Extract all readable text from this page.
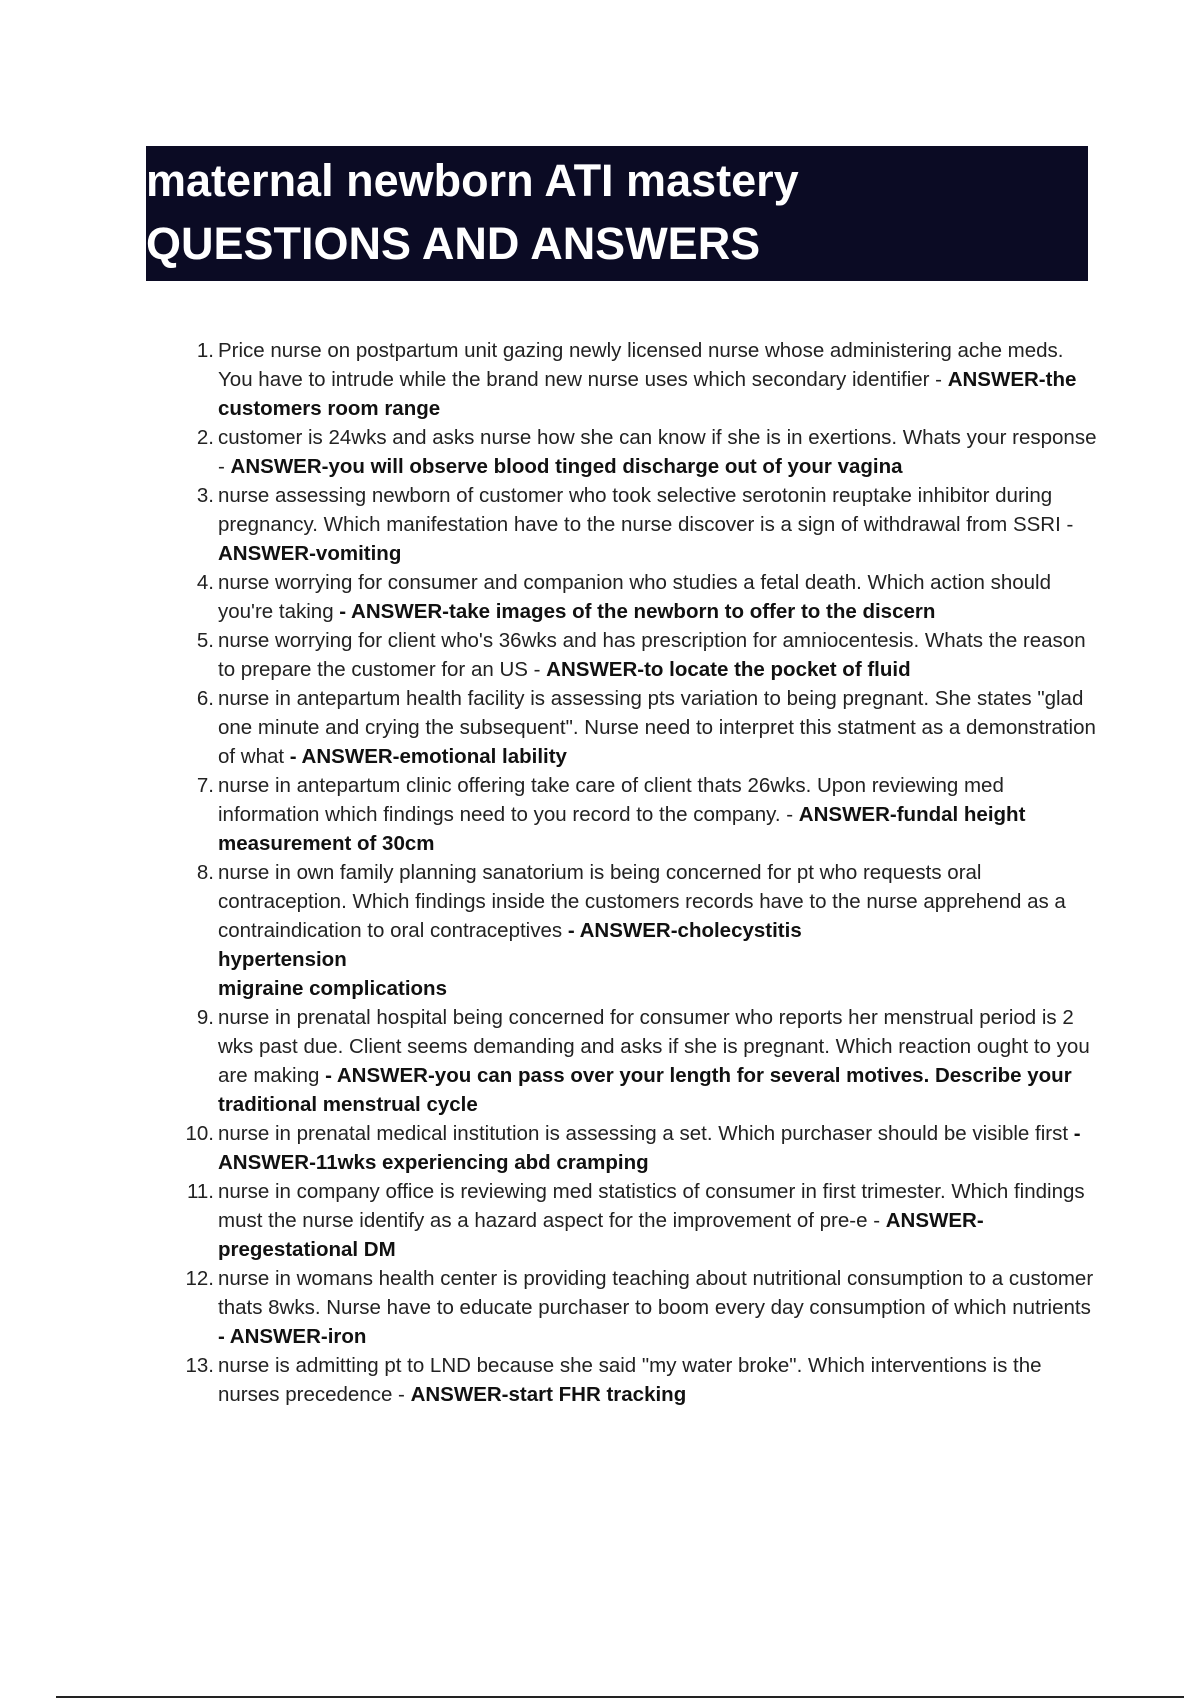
maternal newborn ATI mastery
QUESTIONS AND ANSWERS
1. Price nurse on postpartum unit gazing newly licensed nurse whose administering ache meds. You have to intrude while the brand new nurse uses which secondary identifier - ANSWER-the customers room range
2. customer is 24wks and asks nurse how she can know if she is in exertions. Whats your response - ANSWER-you will observe blood tinged discharge out of your vagina
3. nurse assessing newborn of customer who took selective serotonin reuptake inhibitor during pregnancy. Which manifestation have to the nurse discover is a sign of withdrawal from SSRI - ANSWER-vomiting
4. nurse worrying for consumer and companion who studies a fetal death. Which action should you're taking - ANSWER-take images of the newborn to offer to the discern
5. nurse worrying for client who's 36wks and has prescription for amniocentesis. Whats the reason to prepare the customer for an US - ANSWER-to locate the pocket of fluid
6. nurse in antepartum health facility is assessing pts variation to being pregnant. She states "glad one minute and crying the subsequent". Nurse need to interpret this statment as a demonstration of what - ANSWER-emotional lability
7. nurse in antepartum clinic offering take care of client thats 26wks. Upon reviewing med information which findings need to you record to the company. - ANSWER-fundal height measurement of 30cm
8. nurse in own family planning sanatorium is being concerned for pt who requests oral contraception. Which findings inside the customers records have to the nurse apprehend as a contraindication to oral contraceptives - ANSWER-cholecystitis
hypertension
migraine complications
9. nurse in prenatal hospital being concerned for consumer who reports her menstrual period is 2 wks past due. Client seems demanding and asks if she is pregnant. Which reaction ought to you are making - ANSWER-you can pass over your length for several motives. Describe your traditional menstrual cycle
10. nurse in prenatal medical institution is assessing a set. Which purchaser should be visible first - ANSWER-11wks experiencing abd cramping
11. nurse in company office is reviewing med statistics of consumer in first trimester. Which findings must the nurse identify as a hazard aspect for the improvement of pre-e - ANSWER-pregestational DM
12. nurse in womans health center is providing teaching about nutritional consumption to a customer thats 8wks. Nurse have to educate purchaser to boom every day consumption of which nutrients - ANSWER-iron
13. nurse is admitting pt to LND because she said "my water broke". Which interventions is the nurses precedence - ANSWER-start FHR tracking
